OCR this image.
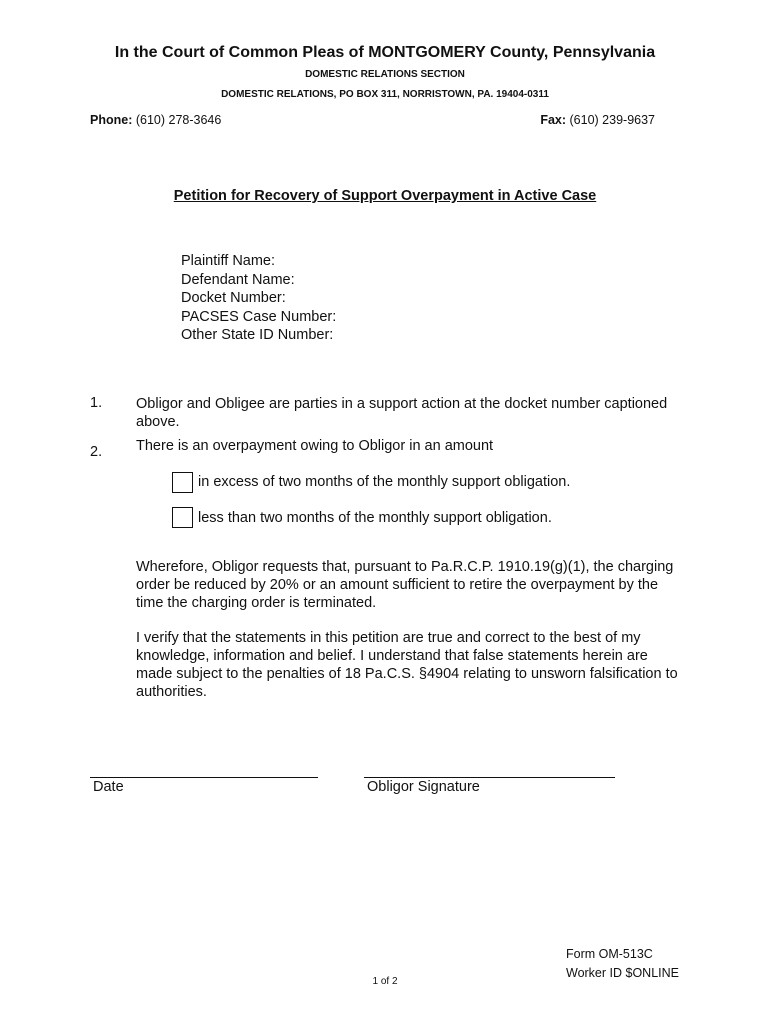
In the Court of Common Pleas of MONTGOMERY County, Pennsylvania
DOMESTIC RELATIONS SECTION
DOMESTIC RELATIONS, PO BOX 311, NORRISTOWN, PA. 19404-0311
Phone: (610) 278-3646	Fax: (610) 239-9637
Petition for Recovery of Support Overpayment in Active Case
Plaintiff Name:
Defendant Name:
Docket Number:
PACSES Case Number:
Other State ID Number:
1. Obligor and Obligee are parties in a support action at the docket number captioned above.
2. There is an overpayment owing to Obligor in an amount
in excess of two months of the monthly support obligation.
less than two months of the monthly support obligation.
Wherefore, Obligor requests that, pursuant to Pa.R.C.P. 1910.19(g)(1), the charging order be reduced by 20% or an amount sufficient to retire the overpayment by the time the charging order is terminated.
I verify that the statements in this petition are true and correct to the best of my knowledge, information and belief. I understand that false statements herein are made subject to the penalties of 18 Pa.C.S. §4904 relating to unsworn falsification to authorities.
Date	Obligor Signature
Form OM-513C
Worker ID $ONLINE
1 of 2
